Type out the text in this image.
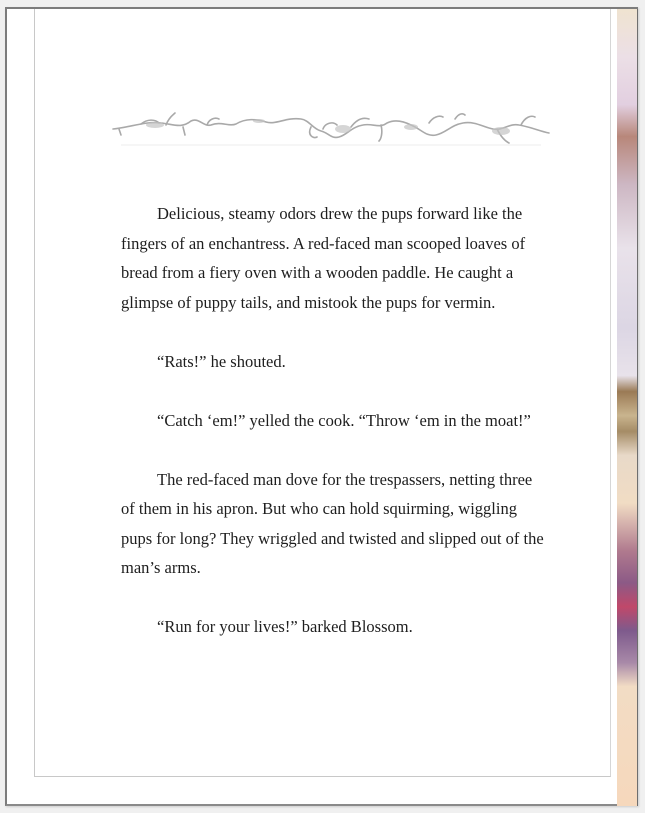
Delicious, steamy odors drew the pups forward like the fingers of an enchantress. A red-faced man scooped loaves of bread from a fiery oven with a wooden paddle. He caught a glimpse of puppy tails, and mistook the pups for vermin.

“Rats!” he shouted.

“Catch ‘em!” yelled the cook. “Throw ‘em in the moat!”

The red-faced man dove for the trespassers, netting three of them in his apron. But who can hold squirming, wiggling pups for long? They wriggled and twisted and slipped out of the man’s arms.

“Run for your lives!” barked Blossom.
